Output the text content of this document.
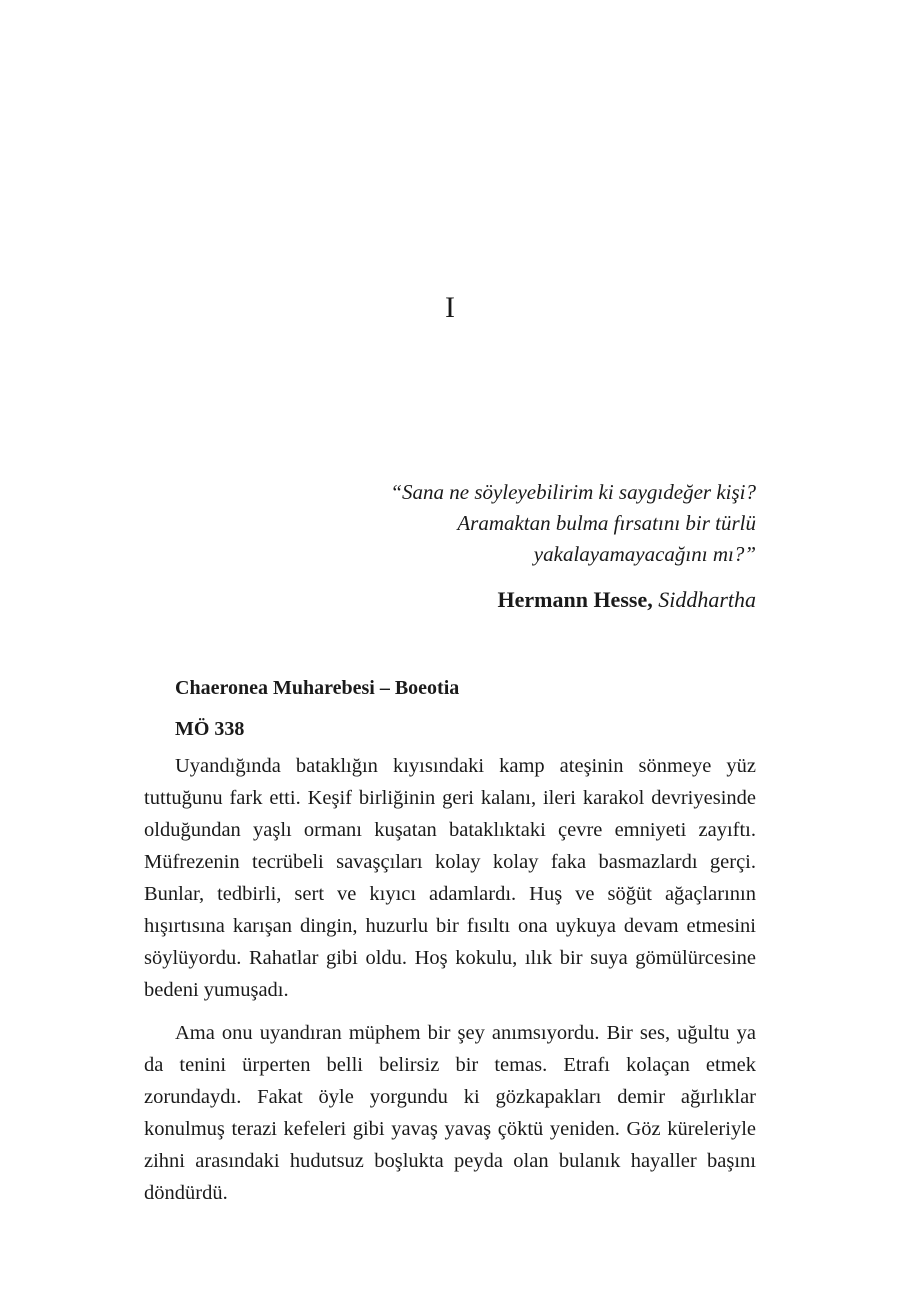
I
“Sana ne söyleyebilirim ki saygıdeğer kişi?
Aramaktan bulma fırsatını bir türlü
yakalayamayacağını mı?”
Hermann Hesse, Siddhartha
Chaeronea Muharebesi – Boeotia
MÖ 338

Uyandığında bataklığın kıyısındaki kamp ateşinin sönmeye yüz tuttuğunu fark etti. Keşif birliğinin geri kalanı, ileri karakol devriyesinde olduğundan yaşlı ormanı kuşatan bataklıktaki çevre emniyeti zayıftı. Müfrezenin tecrübeli savaşçıları kolay kolay faka basmazlardı gerçi. Bunlar, tedbirli, sert ve kıyıcı adamlardı. Huş ve söğüt ağaçlarının hışırtısına karışan dingin, huzurlu bir fısıltı ona uykuya devam etmesini söylüyordu. Rahatlar gibi oldu. Hoş kokulu, ılık bir suya gömülürcesine bedeni yumuşadı.

Ama onu uyandıran müphem bir şey anımsıyordu. Bir ses, uğultu ya da tenini ürperten belli belirsiz bir temas. Etrafı kolaçan etmek zorundaydı. Fakat öyle yorgundu ki gözkapakları demir ağırlıklar konulmuş terazi kefeleri gibi yavaş yavaş çöktü yeniden. Göz küreleriyle zihni arasındaki hudutsuz boşlukta peyda olan bulanık hayaller başını döndürdü.
